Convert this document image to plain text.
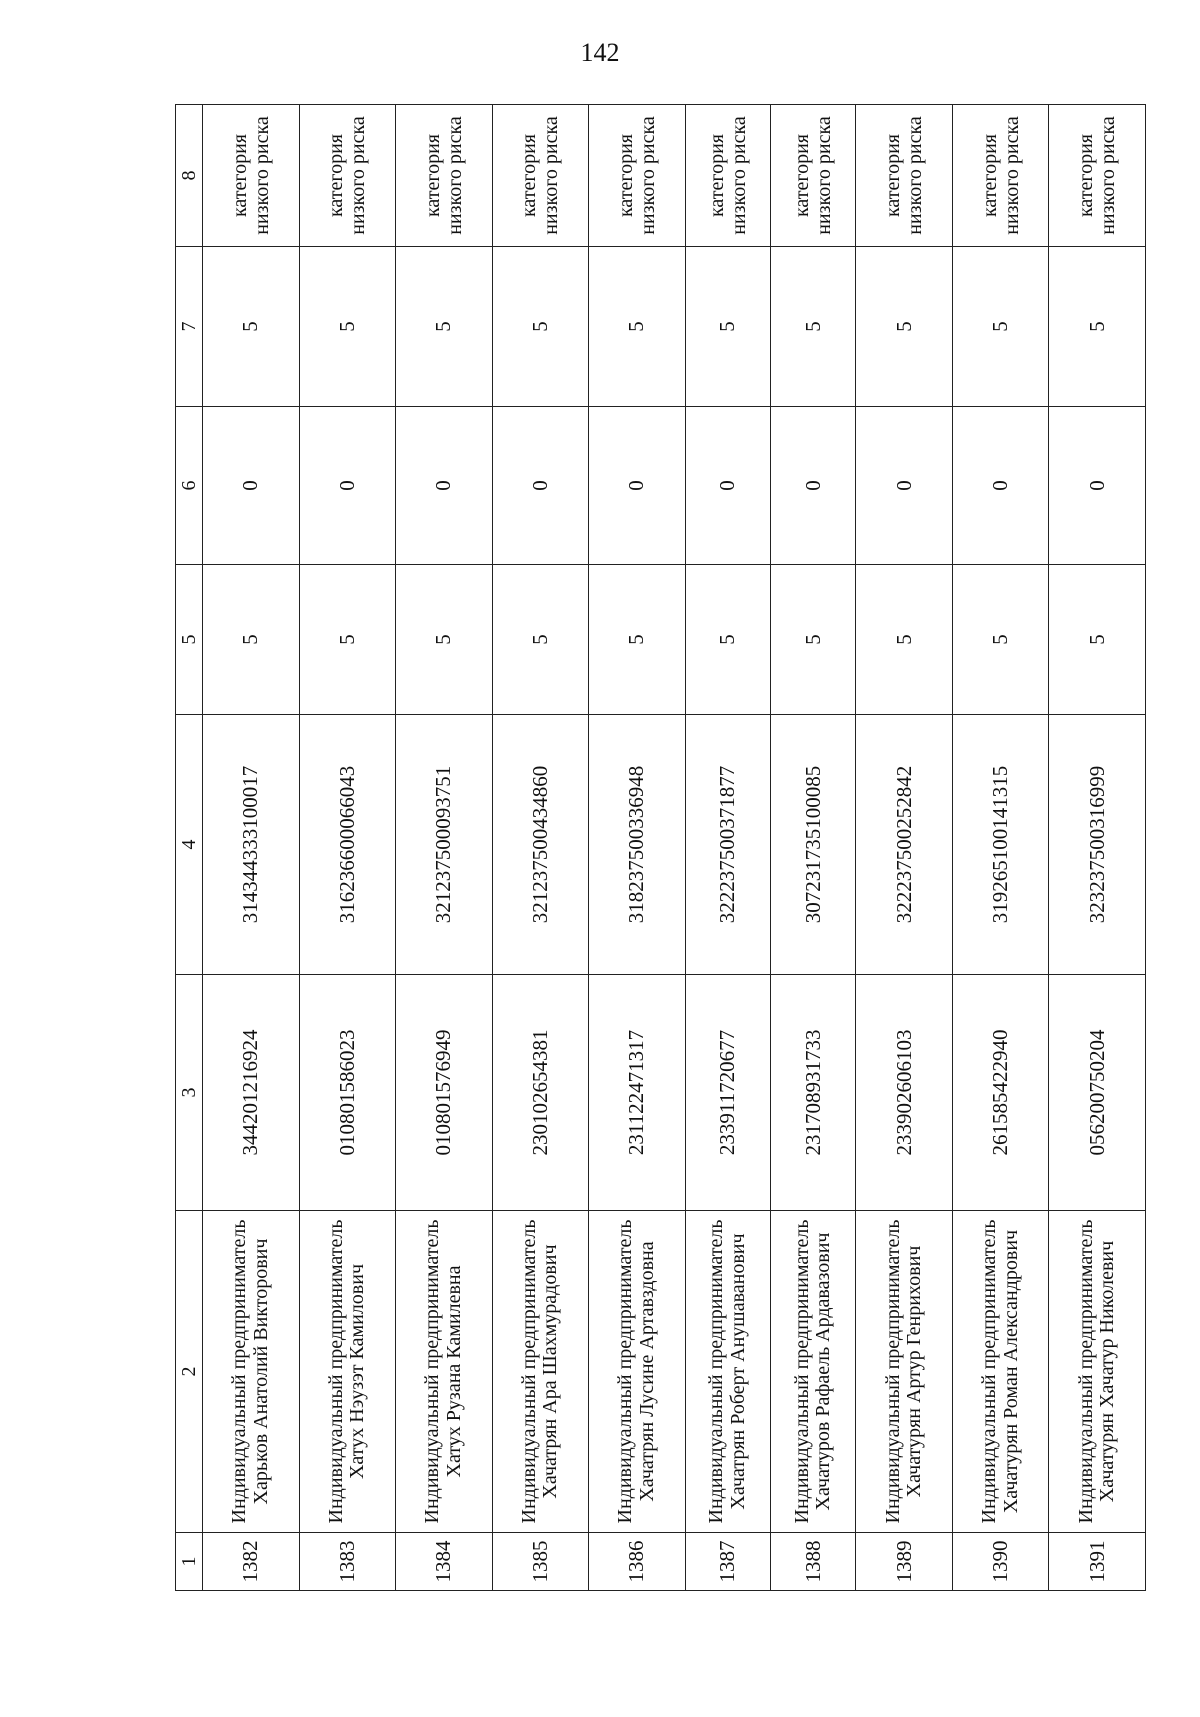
142
1	2	3	4	5	6	7	8
1382	Индивидуальный предприниматель Харьков Анатолий Викторович	344201216924	314344333100017	5	0	5	категория низкого риска
1383	Индивидуальный предприниматель Хатух Нэузэт Камилович	010801586023	316236600066043	5	0	5	категория низкого риска
1384	Индивидуальный предприниматель Хатух Рузана Камилевна	010801576949	321237500093751	5	0	5	категория низкого риска
1385	Индивидуальный предприниматель Хачатрян Ара Шахмурадович	230102654381	321237500434860	5	0	5	категория низкого риска
1386	Индивидуальный предприниматель Хачатрян Лусине Артавздовна	231122471317	318237500336948	5	0	5	категория низкого риска
1387	Индивидуальный предприниматель Хачатрян Роберт Анушаванович	233911720677	322237500371877	5	0	5	категория низкого риска
1388	Индивидуальный предприниматель Хачатуров Рафаель Ардавазович	231708931733	307231735100085	5	0	5	категория низкого риска
1389	Индивидуальный предприниматель Хачатурян Артур Генрихович	233902606103	322237500252842	5	0	5	категория низкого риска
1390	Индивидуальный предприниматель Хачатурян Роман Александрович	261585422940	319265100141315	5	0	5	категория низкого риска
1391	Индивидуальный предприниматель Хачатурян Хачатур Николевич	056200750204	323237500316999	5	0	5	категория низкого риска
